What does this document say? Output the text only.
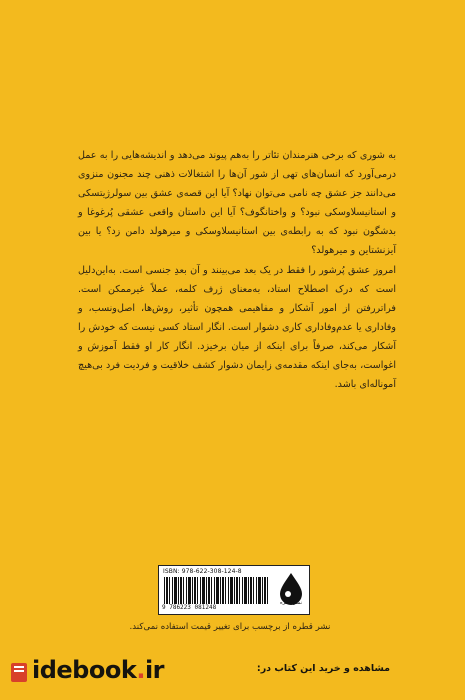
به شوری که برخی هنرمندان تئاتر را به‌هم پیوند می‌دهد و اندیشه‌هایی را به عمل درمی‌آورد که انسان‌های تهی از شور آن‌ها را اشتغالات ذهنی چند مجنون منزوی می‌دانند جز عشق چه نامی می‌توان نهاد؟ آیا این قصه‌ی عشق بین سولرژیتسکی و استانیسلاوسکی نبود؟ و واختانگوف؟ آیا این داستان واقعی عشقی پُرغوغا و بدشگون نبود که به رابطه‌ی بین استانیسلاوسکی و میرهولد دامن زد؟ یا بین آیزنشتاین و میرهولد؟

امروز عشق پُرشور را فقط در یک بعد می‌بینند و آن بعدِ جنسی است. به‌این‌دلیل است که درک اصطلاح استاد، به‌معنای ژرف کلمه، عملاً غیرممکن است. فراتررفتن از امور آشکار و مفاهیمی همچون تأثیر، روش‌ها، اصل‌ونسب، و وفاداری یا عدم‌وفاداری کاری دشوار است. انگار استاد کسی نیست که خودش را آشکار می‌کند، صرفاً برای اینکه از میان برخیزد. انگار کار او فقط آموزش و اغواست، به‌جای اینکه مقدمه‌ی زایمان دشوار کشف خلاقیت و فردیت فرد بی‌هیچ آموناله‌ای باشد.

ISBN: 978-622-308-124-8
9 786223 081248
نشر قطره
نشر قطره از برچسب برای تغییر قیمت استفاده نمی‌کند.
idebook.ir	مشاهده و خرید این کتاب در:
